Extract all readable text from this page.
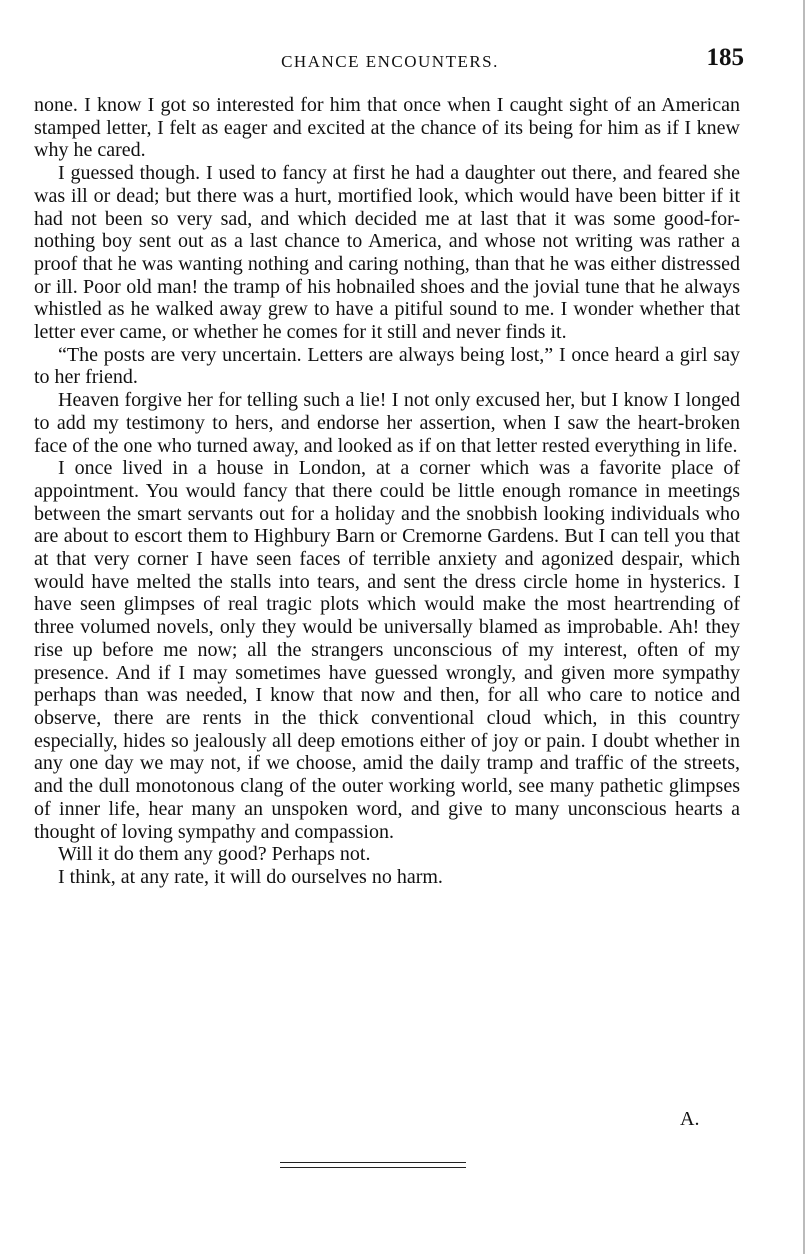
CHANCE ENCOUNTERS.	185

none. I know I got so interested for him that once when I caught sight of an American stamped letter, I felt as eager and excited at the chance of its being for him as if I knew why he cared.

I guessed though. I used to fancy at first he had a daughter out there, and feared she was ill or dead; but there was a hurt, mortified look, which would have been bitter if it had not been so very sad, and which decided me at last that it was some good-for-nothing boy sent out as a last chance to America, and whose not writing was rather a proof that he was wanting nothing and caring nothing, than that he was either distressed or ill. Poor old man! the tramp of his hobnailed shoes and the jovial tune that he always whistled as he walked away grew to have a pitiful sound to me. I wonder whether that letter ever came, or whether he comes for it still and never finds it.

“The posts are very uncertain. Letters are always being lost,” I once heard a girl say to her friend.

Heaven forgive her for telling such a lie! I not only excused her, but I know I longed to add my testimony to hers, and endorse her assertion, when I saw the heart-broken face of the one who turned away, and looked as if on that letter rested everything in life.

I once lived in a house in London, at a corner which was a favorite place of appointment. You would fancy that there could be little enough romance in meetings between the smart servants out for a holiday and the snobbish looking individuals who are about to escort them to Highbury Barn or Cremorne Gardens. But I can tell you that at that very corner I have seen faces of terrible anxiety and agonized despair, which would have melted the stalls into tears, and sent the dress circle home in hysterics. I have seen glimpses of real tragic plots which would make the most heartrending of three volumed novels, only they would be universally blamed as improbable. Ah! they rise up before me now; all the strangers unconscious of my interest, often of my presence. And if I may sometimes have guessed wrongly, and given more sympathy perhaps than was needed, I know that now and then, for all who care to notice and observe, there are rents in the thick conventional cloud which, in this country especially, hides so jealously all deep emotions either of joy or pain. I doubt whether in any one day we may not, if we choose, amid the daily tramp and traffic of the streets, and the dull monotonous clang of the outer working world, see many pathetic glimpses of inner life, hear many an unspoken word, and give to many unconscious hearts a thought of loving sympathy and compassion.

Will it do them any good? Perhaps not.

I think, at any rate, it will do ourselves no harm.

A.
